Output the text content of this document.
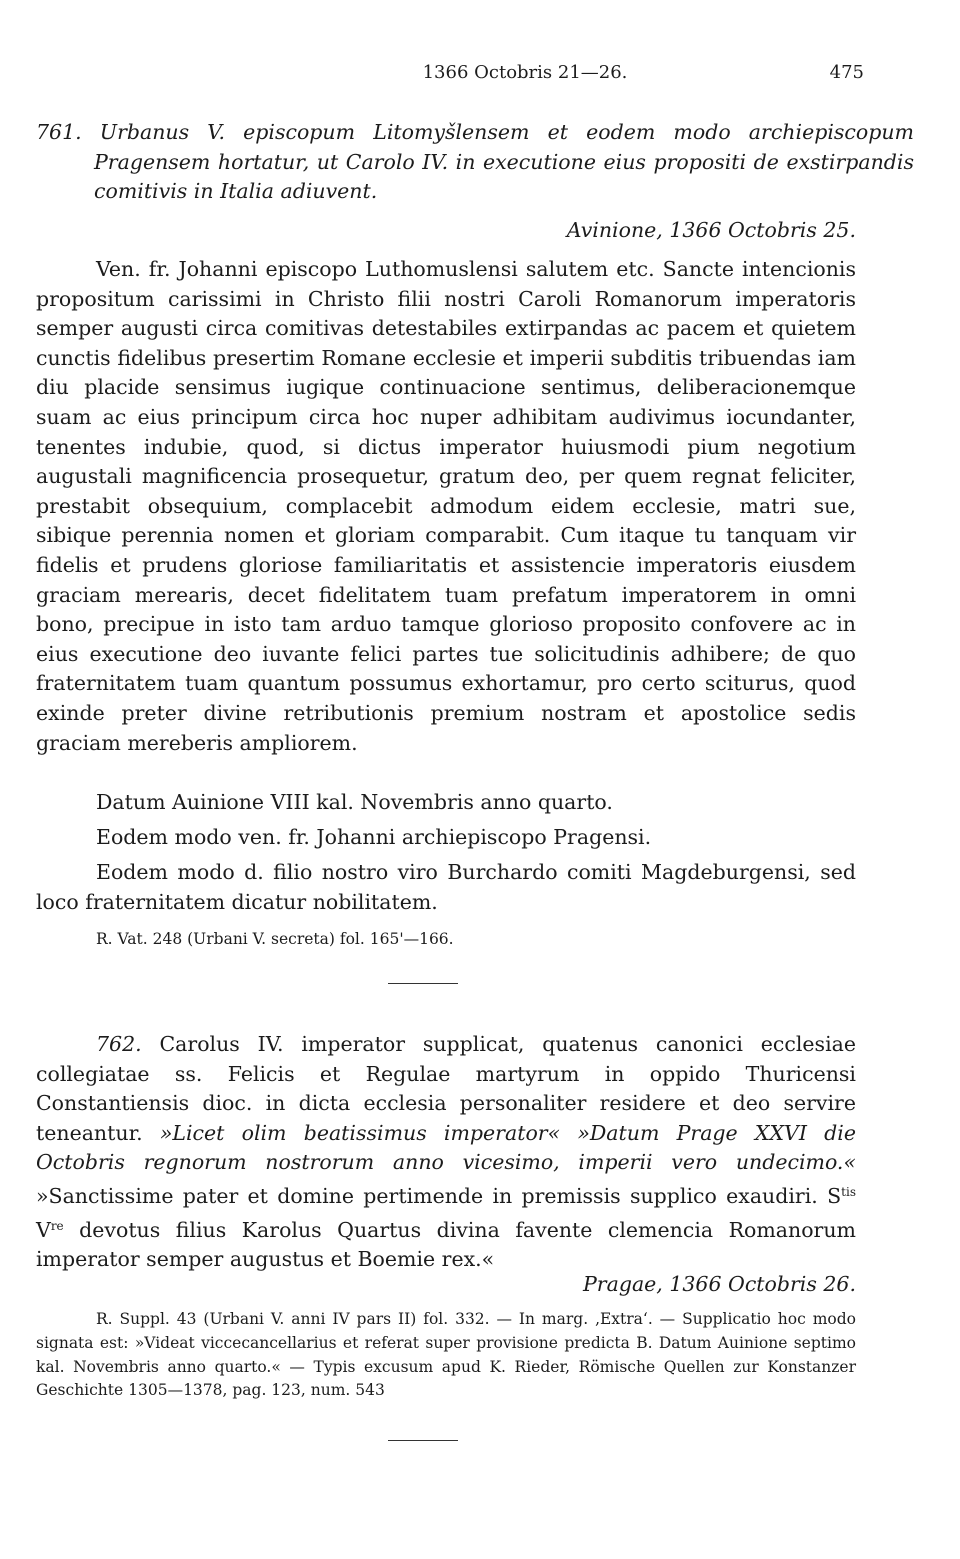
1366 Octobris 21—26.	475

761. Urbanus V. episcopum Litomyšlensem et eodem modo archiepiscopum Pragensem hortatur, ut Carolo IV. in executione eius propositi de exstirpandis comitivis in Italia adiuvent.

Avinione, 1366 Octobris 25.

Ven. fr. Johanni episcopo Luthomuslensi salutem etc. Sancte intencionis propositum carissimi in Christo filii nostri Caroli Romanorum imperatoris semper augusti circa comitivas detestabiles extirpandas ac pacem et quietem cunctis fidelibus presertim Romane ecclesie et imperii subditis tribuendas iam diu placide sensimus iugique continuacione sentimus, deliberacionemque suam ac eius principum circa hoc nuper adhibitam audivimus iocundanter, tenentes indubie, quod, si dictus imperator huiusmodi pium negotium augustali magnificencia prosequetur, gratum deo, per quem regnat feliciter, prestabit obsequium, complacebit admodum eidem ecclesie, matri sue, sibique perennia nomen et gloriam comparabit. Cum itaque tu tanquam vir fidelis et prudens gloriose familiaritatis et assistencie imperatoris eiusdem graciam merearis, decet fidelitatem tuam prefatum imperatorem in omni bono, precipue in isto tam arduo tamque glorioso proposito confovere ac in eius executione deo iuvante felici partes tue solicitudinis adhibere; de quo fraternitatem tuam quantum possumus exhortamur, pro certo sciturus, quod exinde preter divine retributionis premium nostram et apostolice sedis graciam mereberis ampliorem.

Datum Auinione VIII kal. Novembris anno quarto.

Eodem modo ven. fr. Johanni archiepiscopo Pragensi.

Eodem modo d. filio nostro viro Burchardo comiti Magdeburgensi, sed loco fraternitatem dicatur nobilitatem.

R. Vat. 248 (Urbani V. secreta) fol. 165'—166.

762. Carolus IV. imperator supplicat, quatenus canonici ecclesiae collegiatae ss. Felicis et Regulae martyrum in oppido Thuricensi Constantiensis dioc. in dicta ecclesia personaliter residere et deo servire teneantur. »Licet olim beatissimus imperator« »Datum Prage XXVI die Octobris regnorum nostrorum anno vicesimo, imperii vero undecimo.« »Sanctissime pater et domine pertimende in premissis supplico exaudiri. $S^{tis}$ Vre devotus filius Karolus Quartus divina favente clemencia Romanorum imperator semper augustus et Boemie rex.«

Pragae, 1366 Octobris 26.

R. Suppl. 43 (Urbani V. anni IV pars II) fol. 332. — In marg. ‚Extra‘. — Supplicatio hoc modo signata est: »Videat viccecancellarius et referat super provisione predicta B. Datum Auinione septimo kal. Novembris anno quarto.« — Typis excusum apud K. Rieder, Römische Quellen zur Konstanzer Geschichte 1305—1378, pag. 123, num. 543
